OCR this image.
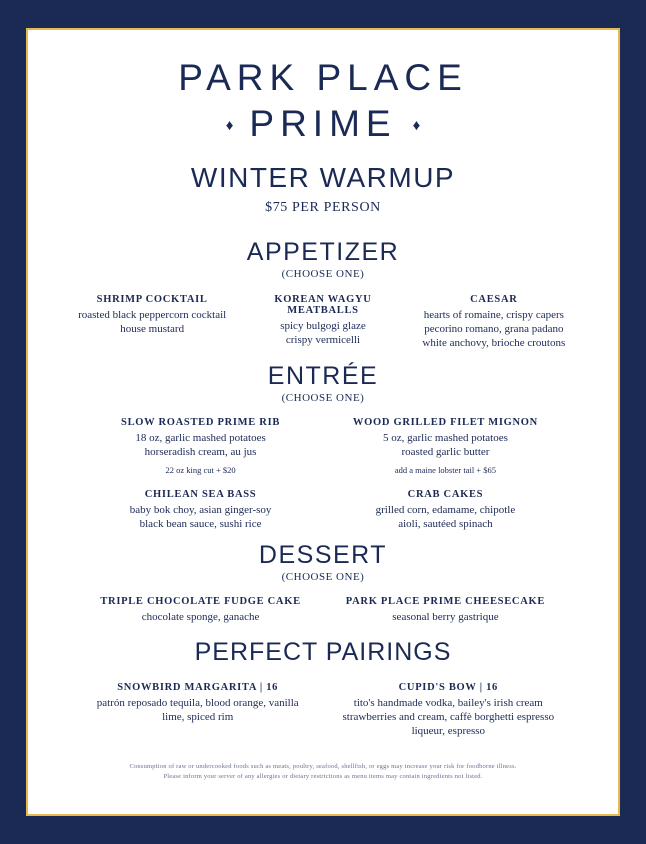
PARK PLACE
♦ PRIME ♦
WINTER WARMUP
$75 PER PERSON
APPETIZER
(CHOOSE ONE)
SHRIMP COCKTAIL
roasted black peppercorn cocktail
house mustard
KOREAN WAGYU MEATBALLS
spicy bulgogi glaze
crispy vermicelli
CAESAR
hearts of romaine, crispy capers
pecorino romano, grana padano
white anchovy, brioche croutons
ENTRÉE
(CHOOSE ONE)
SLOW ROASTED PRIME RIB
18 oz, garlic mashed potatoes
horseradish cream, au jus
22 oz king cut + $20
WOOD GRILLED FILET MIGNON
5 oz, garlic mashed potatoes
roasted garlic butter
add a maine lobster tail + $65
CHILEAN SEA BASS
baby bok choy, asian ginger-soy
black bean sauce, sushi rice
CRAB CAKES
grilled corn, edamame, chipotle
aioli, sautéed spinach
DESSERT
(CHOOSE ONE)
TRIPLE CHOCOLATE FUDGE CAKE
chocolate sponge, ganache
PARK PLACE PRIME CHEESECAKE
seasonal berry gastrique
PERFECT PAIRINGS
SNOWBIRD MARGARITA | 16
patrón reposado tequila, blood orange, vanilla
lime, spiced rim
CUPID'S BOW | 16
tito's handmade vodka, bailey's irish cream
strawberries and cream, caffè borghetti espresso
liqueur, espresso
Consumption of raw or undercooked foods such as meats, poultry, seafood, shellfish, or eggs may increase your risk for foodborne illness.
Please inform your server of any allergies or dietary restrictions as menu items may contain ingredients not listed.
